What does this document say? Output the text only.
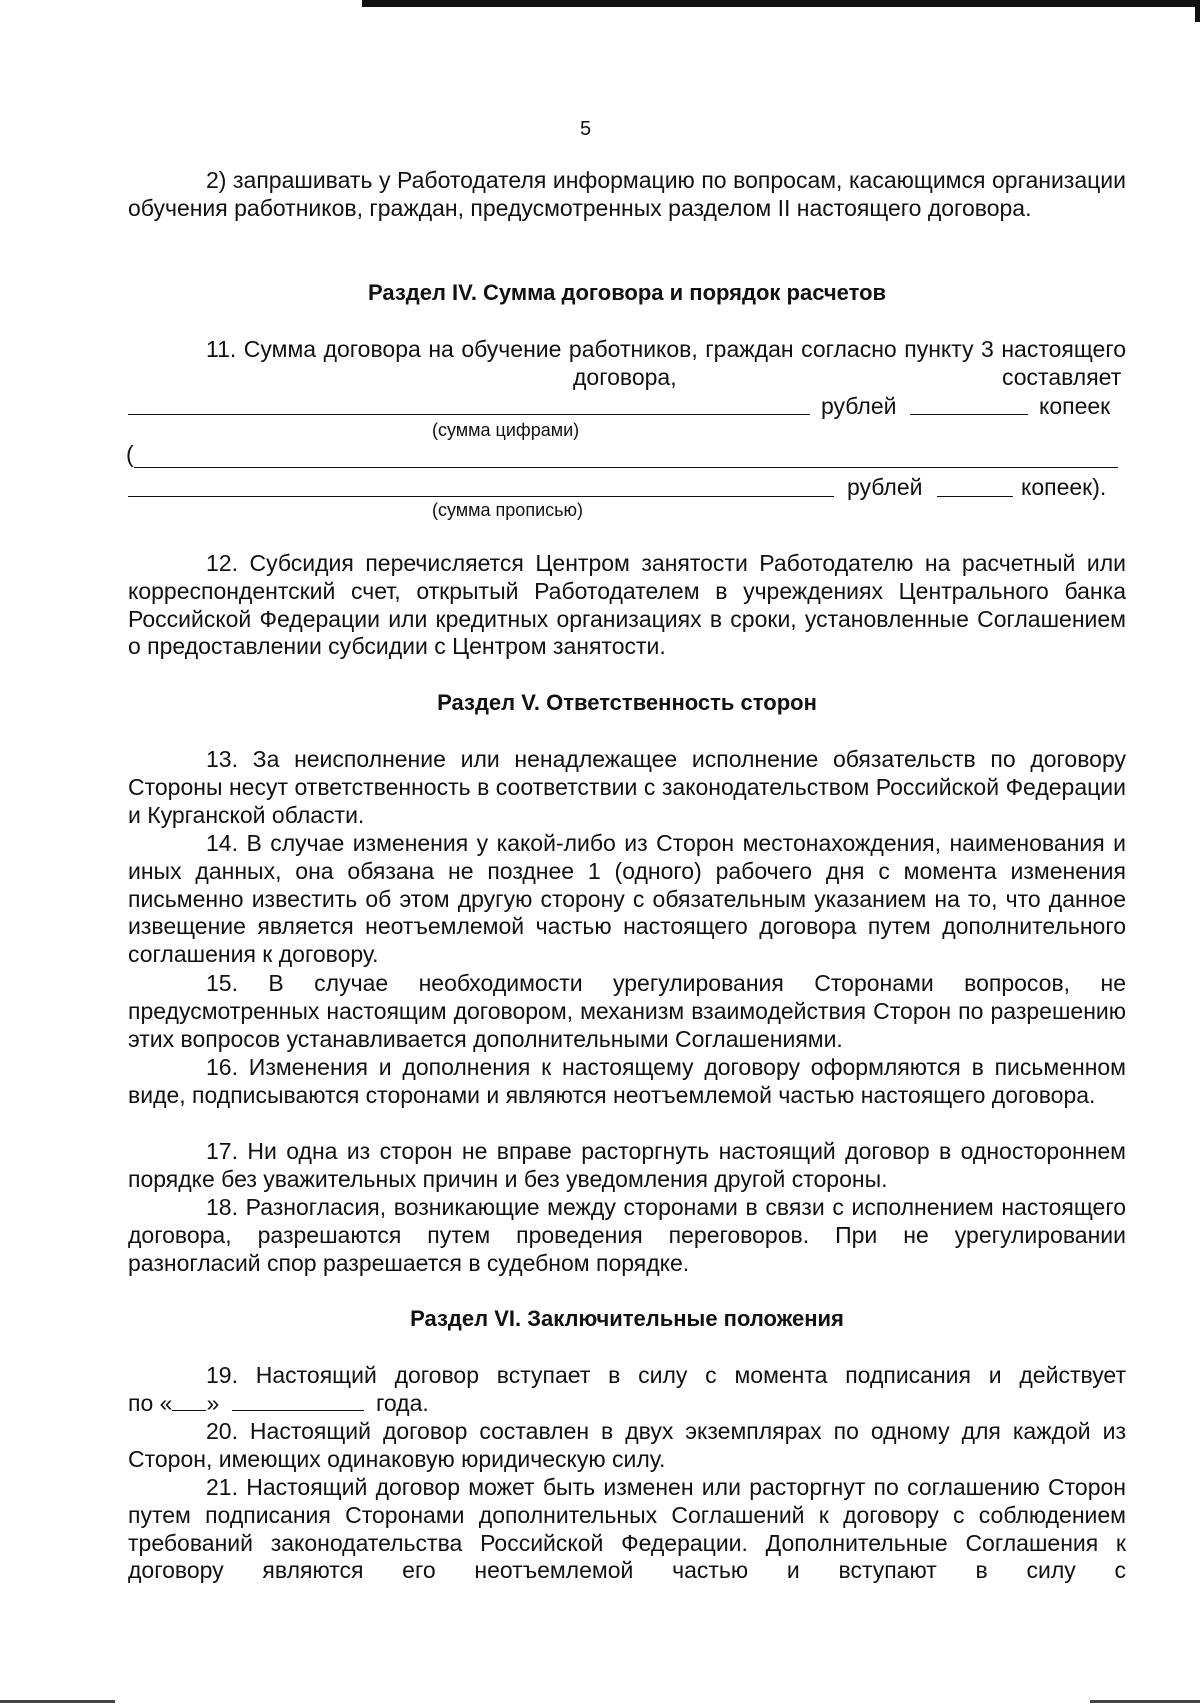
5
2) запрашивать у Работодателя информацию по вопросам, касающимся организации обучения работников, граждан, предусмотренных разделом II настоящего договора.
Раздел IV. Сумма договора и порядок расчетов
11. Сумма договора на обучение работников, граждан согласно пункту 3 настоящего
договора,	составляет
рублей	копеек
(сумма цифрами)
(
рублей	копеек).
(сумма прописью)
12. Субсидия перечисляется Центром занятости Работодателю на расчетный или корреспондентский счет, открытый Работодателем в учреждениях Центрального банка Российской Федерации или кредитных организациях в сроки, установленные Соглашением о предоставлении субсидии с Центром занятости.
Раздел V. Ответственность сторон
13. За неисполнение или ненадлежащее исполнение обязательств по договору Стороны несут ответственность в соответствии с законодательством Российской Федерации и Курганской области.
14. В случае изменения у какой-либо из Сторон местонахождения, наименования и иных данных, она обязана не позднее 1 (одного) рабочего дня с момента изменения письменно известить об этом другую сторону с обязательным указанием на то, что данное извещение является неотъемлемой частью настоящего договора путем дополнительного соглашения к договору.
15. В случае необходимости урегулирования Сторонами вопросов, не предусмотренных настоящим договором, механизм взаимодействия Сторон по разрешению этих вопросов устанавливается дополнительными Соглашениями.
16. Изменения и дополнения к настоящему договору оформляются в письменном виде, подписываются сторонами и являются неотъемлемой частью настоящего договора.
17. Ни одна из сторон не вправе расторгнуть настоящий договор в одностороннем порядке без уважительных причин и без уведомления другой стороны.
18. Разногласия, возникающие между сторонами в связи с исполнением настоящего договора, разрешаются путем проведения переговоров. При не урегулировании разногласий спор разрешается в судебном порядке.
Раздел VI. Заключительные положения
19. Настоящий договор вступает в силу с момента подписания и действует
по « »	года.
20. Настоящий договор составлен в двух экземплярах по одному для каждой из Сторон, имеющих одинаковую юридическую силу.
21. Настоящий договор может быть изменен или расторгнут по соглашению Сторон путем подписания Сторонами дополнительных Соглашений к договору с соблюдением требований законодательства Российской Федерации. Дополнительные Соглашения к договору являются его неотъемлемой частью и вступают в силу с
